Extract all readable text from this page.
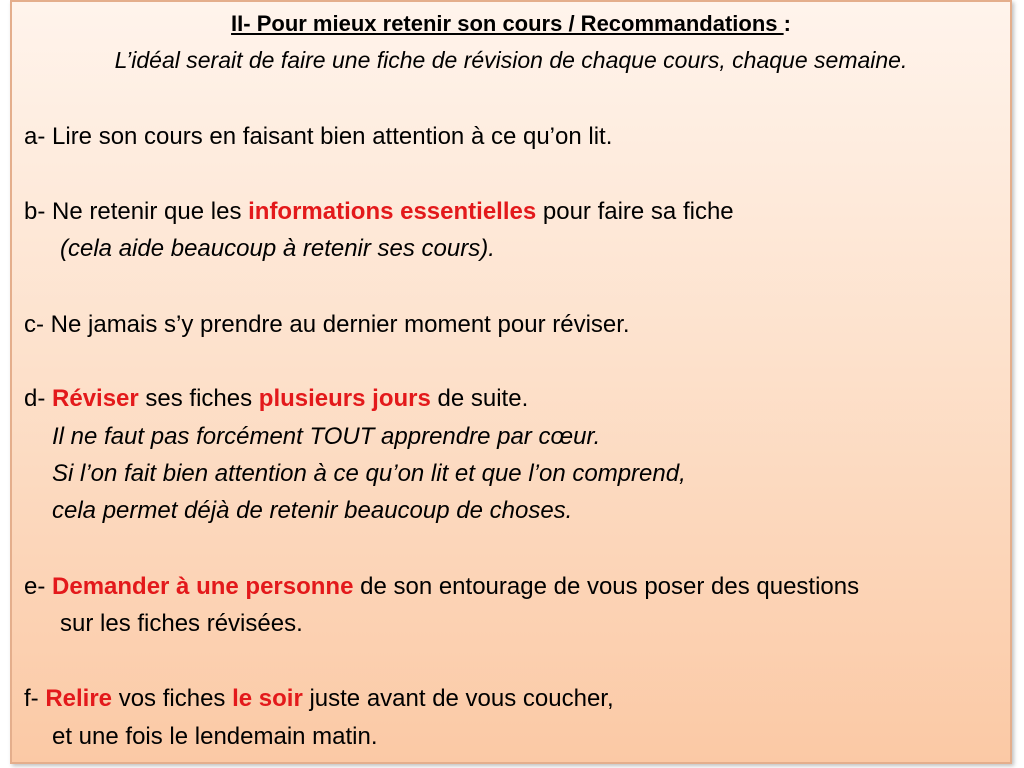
II- Pour mieux retenir son cours / Recommandations :
L’idéal serait de faire une fiche de révision de chaque cours, chaque semaine.
a- Lire son cours en faisant bien attention à ce qu’on lit.
b- Ne retenir que les informations essentielles pour faire sa fiche
(cela aide beaucoup à retenir ses cours).
c- Ne jamais s’y prendre au dernier moment pour réviser.
d- Réviser ses fiches plusieurs jours de suite.
Il ne faut pas forcément TOUT apprendre par cœur.
Si l’on fait bien attention à ce qu’on lit et que l’on comprend,
cela permet déjà de retenir beaucoup de choses.
e- Demander à une personne de son entourage de vous poser des questions
sur les fiches révisées.
f- Relire vos fiches le soir juste avant de vous coucher,
et une fois le lendemain matin.
